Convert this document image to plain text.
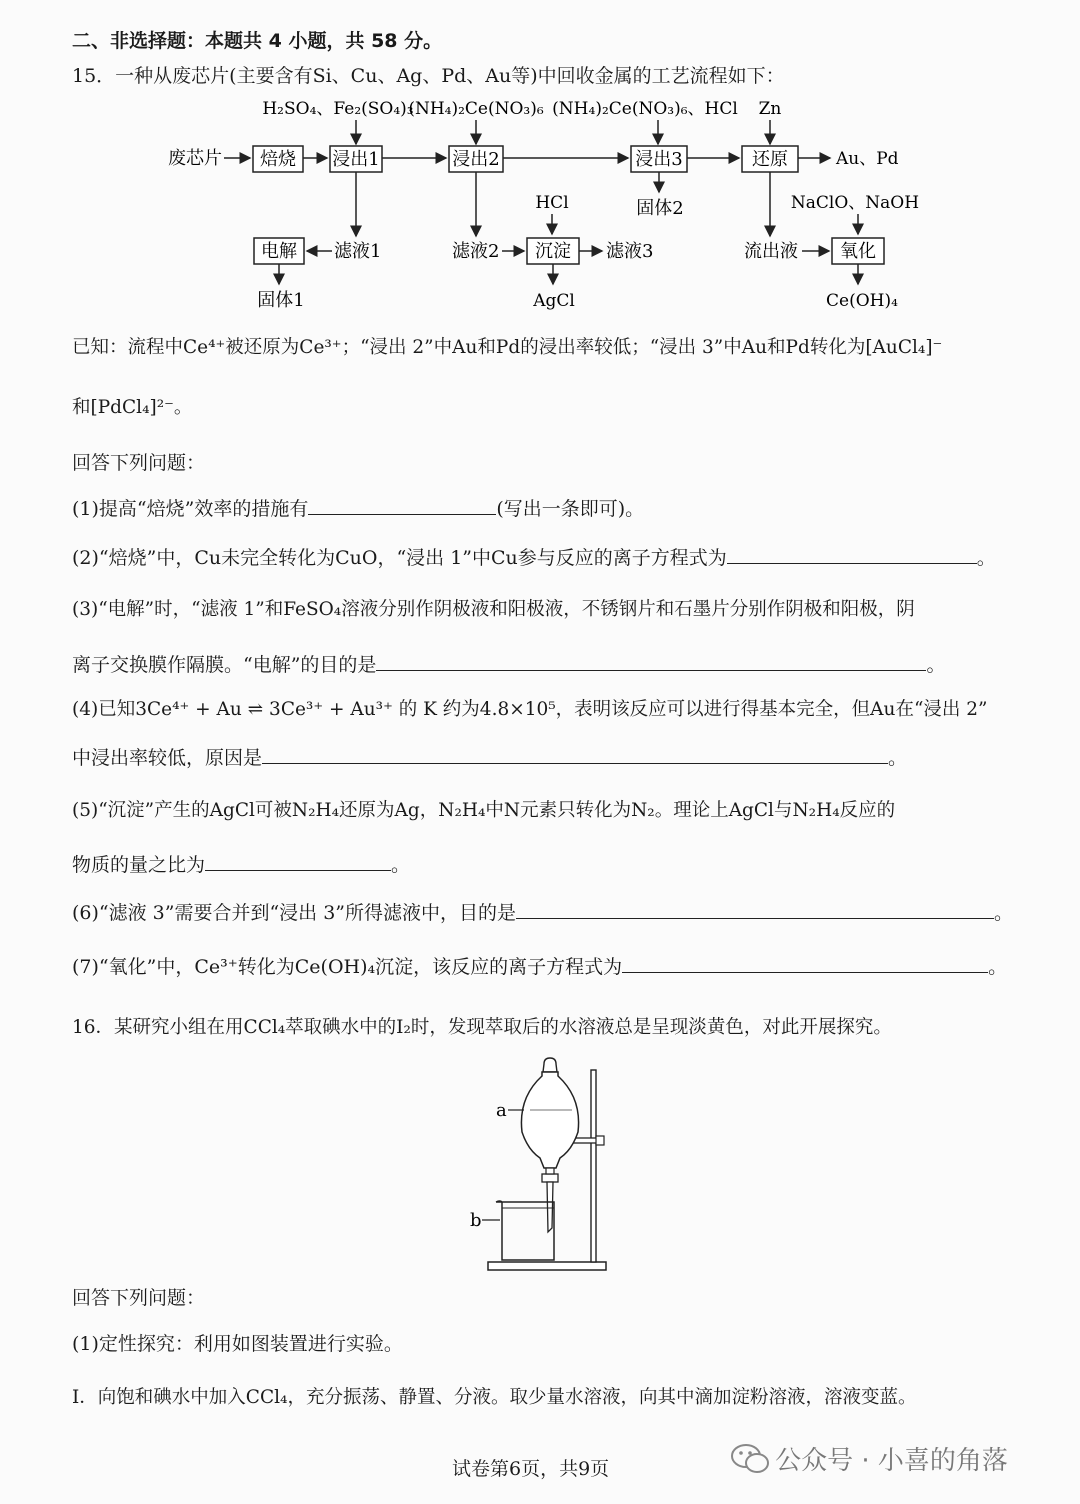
二、非选择题：本题共 4 小题，共 58 分。
15．一种从废芯片(主要含有Si、Cu、Ag、Pd、Au等)中回收金属的工艺流程如下：
H₂SO₄、Fe₂(SO₄)₃
(NH₄)₂Ce(NO₃)₆ (NH₄)₂Ce(NO₃)₆、HCl Zn
废芯片 焙烧 浸出1	浸出2	浸出3	还原	Au、Pd
固体2
HCl	NaClO、NaOH
电解 滤液1
固体1
滤液2 沉淀 滤液3
AgCl
流出液 氧化
Ce(OH)₄
已知：流程中Ce⁴⁺被还原为Ce³⁺；“浸出 2”中Au和Pd的浸出率较低；“浸出 3”中Au和Pd转化为[AuCl₄]⁻
和[PdCl₄]²⁻。
回答下列问题：
(1)提高“焙烧”效率的措施有	(写出一条即可)。
(2)“焙烧”中，Cu未完全转化为CuO，“浸出 1”中Cu参与反应的离子方程式为	。
(3)“电解”时，“滤液 1”和FeSO₄溶液分别作阴极液和阳极液，不锈钢片和石墨片分别作阴极和阳极，阴
离子交换膜作隔膜。“电解”的目的是	。
(4)已知3Ce⁴⁺ + Au ⇌ 3Ce³⁺ + Au³⁺ 的 K 约为4.8×10⁵，表明该反应可以进行得基本完全，但Au在“浸出 2”
中浸出率较低，原因是	。
(5)“沉淀”产生的AgCl可被N₂H₄还原为Ag，N₂H₄中N元素只转化为N₂。理论上AgCl与N₂H₄反应的
物质的量之比为	。
(6)“滤液 3”需要合并到“浸出 3”所得滤液中，目的是	。
(7)“氧化”中，Ce³⁺转化为Ce(OH)₄沉淀，该反应的离子方程式为	。
16．某研究小组在用CCl₄萃取碘水中的I₂时，发现萃取后的水溶液总是呈现淡黄色，对此开展探究。
a
b
回答下列问题：
(1)定性探究：利用如图装置进行实验。
Ⅰ．向饱和碘水中加入CCl₄，充分振荡、静置、分液。取少量水溶液，向其中滴加淀粉溶液，溶液变蓝。
试卷第6页，共9页	公众号 · 小喜的角落
